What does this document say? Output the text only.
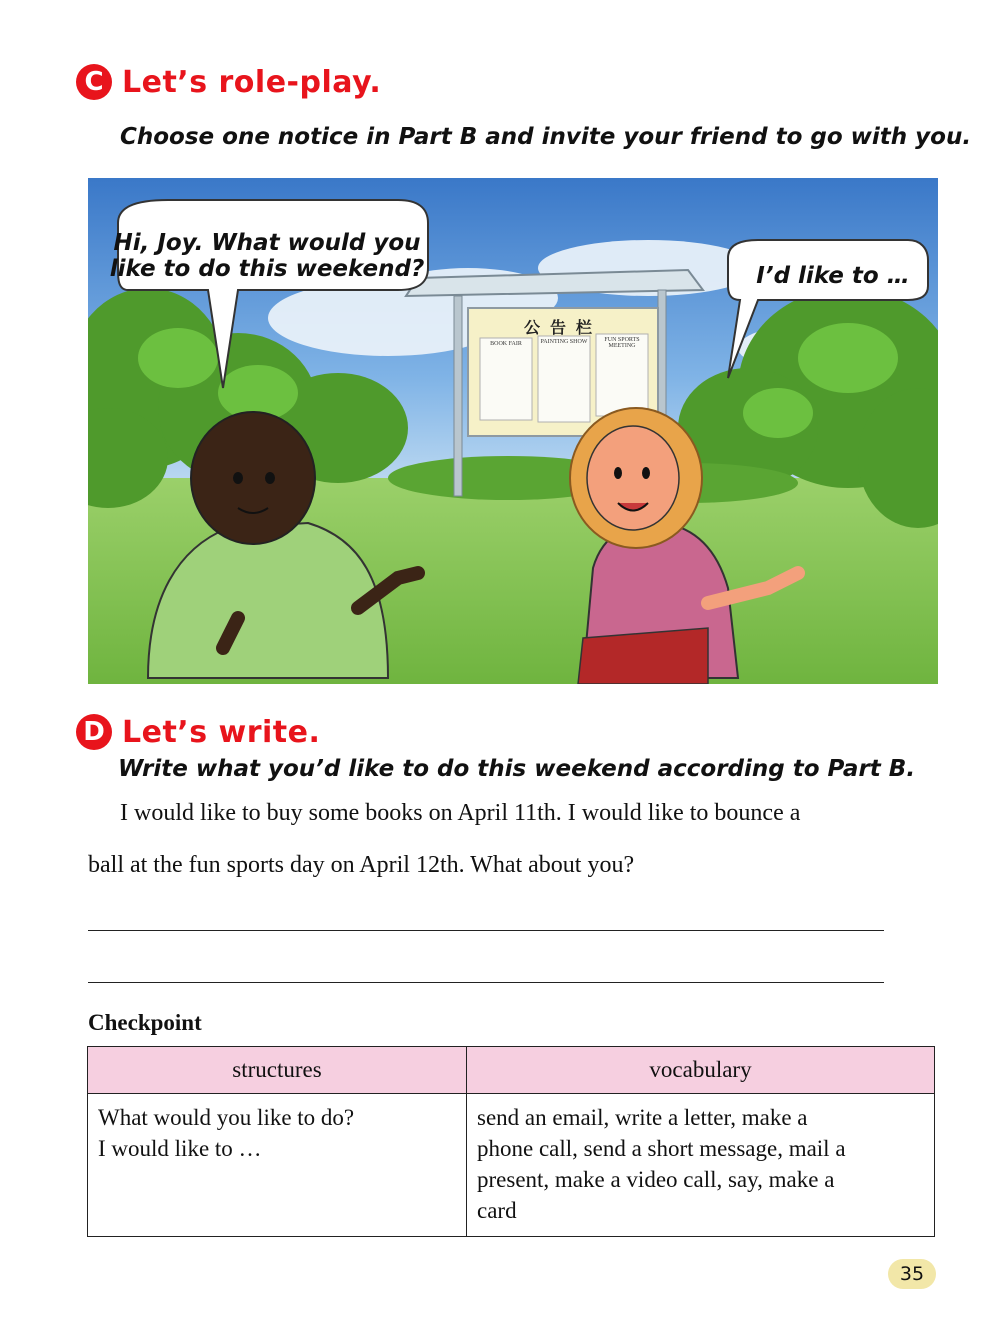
C Let’s role-play.
Choose one notice in Part B and invite your friend to go with you.
Hi, Joy. What would you
like to do this weekend?	I’d like to …
公告栏
BOOK FAIR	PAINTING SHOW	FUN SPORTS MEETING
D Let’s write.
Write what you’d like to do this weekend according to Part B.
I would like to buy some books on April 11th. I would like to bounce a
ball at the fun sports day on April 12th. What about you?
Checkpoint
structures	vocabulary

What would you like to do?
I would like to …	send an email, write a letter, make a
phone call, send a short message, mail a
present, make a video call, say, make a
card
35
